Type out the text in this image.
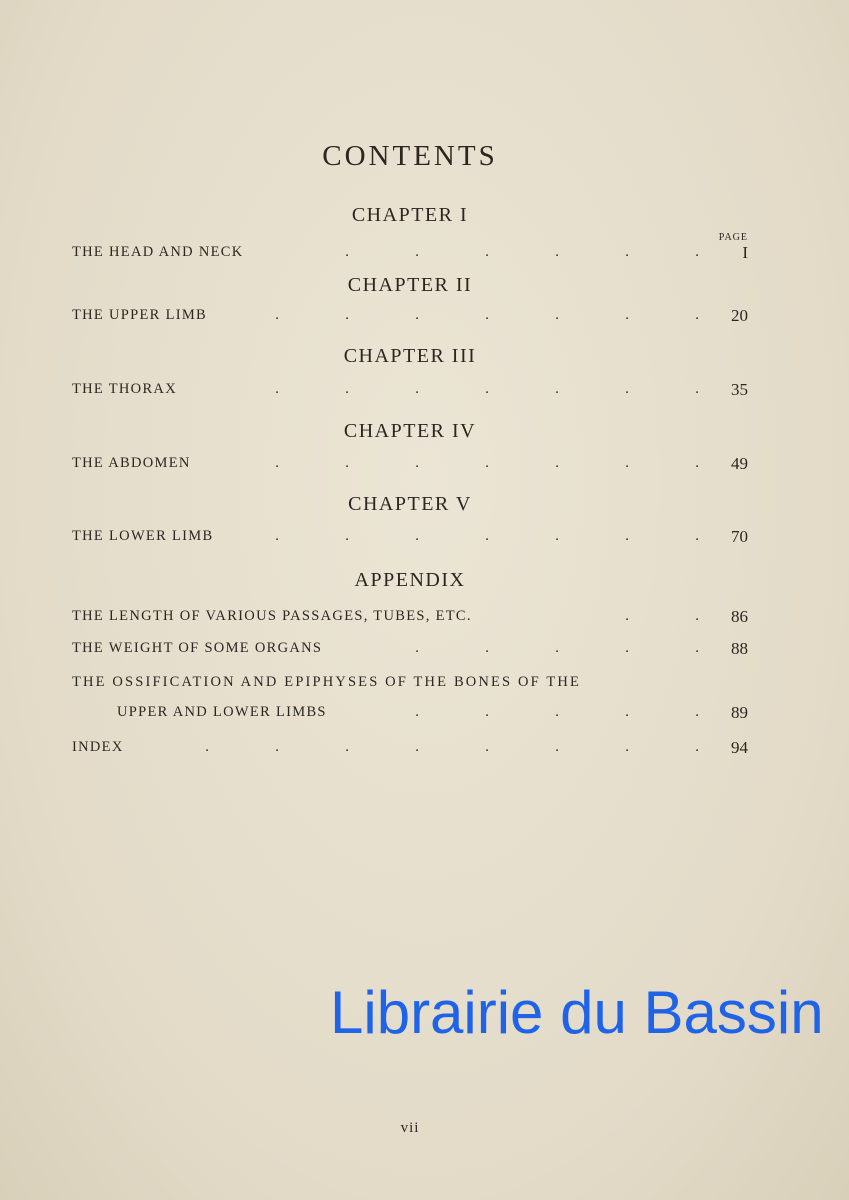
CONTENTS
CHAPTER I
PAGE
THE HEAD AND NECK	.	.	.	.	.	.	I
CHAPTER II
THE UPPER LIMB	.	.	.	.	.	.	.	20
CHAPTER III
THE THORAX	.	.	.	.	.	.	.	35
CHAPTER IV
THE ABDOMEN	.	.	.	.	.	.	.	49
CHAPTER V
THE LOWER LIMB	.	.	.	.	.	.	.	70
APPENDIX
THE LENGTH OF VARIOUS PASSAGES, TUBES, ETC.	.	.	86
THE WEIGHT OF SOME ORGANS	.	.	.	.	.	88
THE OSSIFICATION AND EPIPHYSES OF THE BONES OF THE
UPPER AND LOWER LIMBS	.	.	.	.	.	89
INDEX	.	.	.	.	.	.	.	.	94
Librairie du Bassin
vii
